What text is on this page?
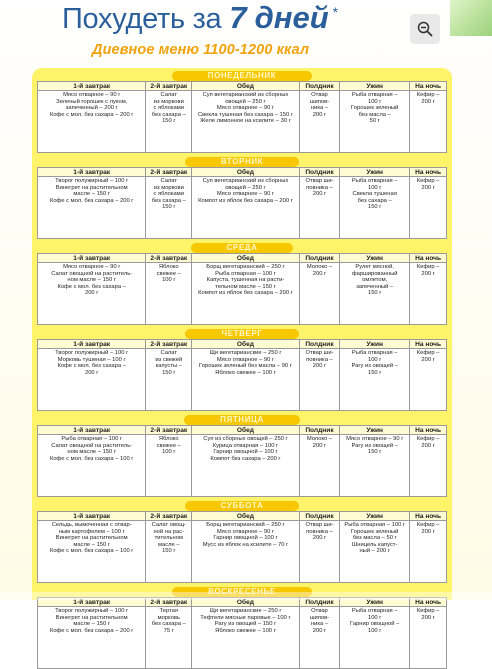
Похудеть за 7 дней *
Диевное меню 1100-1200 ккал
ПОНЕДЕЛЬНИК
1-й завтрак	2-й завтрак	Обед	Полдник	Ужин	На ночь

Мясо отварное – 90 г
Зеленый горошек с луком,
запеченный – 200 г
Кофе с мол. без сахара – 200 г	Салат
из моркови
с яблоками
без сахара –
150 г	Суп вегетарианский из сборных
овощей – 250 г
Мясо отварное – 90 г
Свекла тушеная без сахара – 150 г
Желе лимонное на ксилите – 30 г	Отвар
шипов-
ника –
200 г	Рыба отварная –
100 г
Горошек зеленый
без масла –
50 г	Кефир –
200 г
ВТОРНИК
1-й завтрак	2-й завтрак	Обед	Полдник	Ужин	На ночь

Творог полужирный – 100 г
Винегрет на растительном
масле – 150 г
Кофе с мол. без сахара – 200 г	Салат
из моркови
с яблоками
без сахара –
150 г	Суп вегетарианский из сборных
овощей – 250 г
Мясо отварное – 90 г
Компот из яблок без сахара – 200 г	Отвар ши-
повника –
200 г	Рыба отварная –
100 г
Свекла тушеная
без сахара –
150 г	Кефир –
200 г
СРЕДА
1-й завтрак	2-й завтрак	Обед	Полдник	Ужин	На ночь

Мясо отварное – 90 г
Салат овощной на раститель-
ном масле – 150 г
Кофе с мол. без сахара –
200 г	Яблоко
свежее –
100 г	Борщ вегетарианский – 250 г
Рыба отварная – 100 г
Капуста, тушенная на расти-
тельном масле – 150 г
Компот из яблок без сахара – 200 г	Молоко –
200 г	Рулет мясной,
фаршированный
омлетом,
запеченный –
150 г	Кефир –
200 г
ЧЕТВЕРГ
1-й завтрак	2-й завтрак	Обед	Полдник	Ужин	На ночь

Творог полужирный – 100 г
Морковь тушеная – 100 г
Кофе с мол. без сахара –
200 г	Салат
из свежей
капусты –
150 г	Щи вегетарианские – 250 г
Мясо отварное – 90 г
Горошек зеленый без масла – 90 г
Яблоко свежее – 100 г	Отвар ши-
повника –
200 г	Рыба отварная –
100 г
Рагу из овощей –
150 г	Кефир –
200 г
ПЯТНИЦА
1-й завтрак	2-й завтрак	Обед	Полдник	Ужин	На ночь

Рыба отварная – 100 г
Салат овощной на раститель-
ном масле – 150 г
Кофе с мол. без сахара – 100 г	Яблоко
свежее –
100 г	Суп из сборных овощей – 250 г
Курица отварная – 100 г
Гарнир овощной – 100 г
Компот без сахара – 200 г	Молоко –
200 г	Мясо отварное – 90 г
Рагу из овощей –
150 г	Кефир –
200 г
СУББОТА
1-й завтрак	2-й завтрак	Обед	Полдник	Ужин	На ночь

Сельдь, вымоченная с отвар-
ным картофелем – 100 г
Винегрет на растительном
масле – 150 г
Кофе с мол. без сахара – 100 г	Салат овощ-
ной на рас-
тительном
масле –
150 г	Борщ вегетарианский – 250 г
Мясо отварное – 90 г
Гарнир овощной – 100 г
Мусс из яблок на ксилите – 70 г	Отвар ши-
повника –
200 г	Рыба отварная – 100 г
Горошек зеленый
без масла – 50 г
Шницель капуст-
ный – 200 г	Кефир –
200 г
ВОСКРЕСЕНЬЕ
1-й завтрак	2-й завтрак	Обед	Полдник	Ужин	На ночь

Творог полужирный – 100 г
Винегрет на растительном
масле – 150 г
Кофе с мол. без сахара – 200 г	Тертая
морковь
без сахара –
75 г	Щи вегетарианские – 250 г
Тефтели мясные паровые – 100 г
Рагу из овощей – 150 г
Яблоко свежее – 100 г	Отвар
шипов-
ника –
200 г	Рыба отварная –
100 г
Гарнир овощной –
100 г	Кефир –
200 г
